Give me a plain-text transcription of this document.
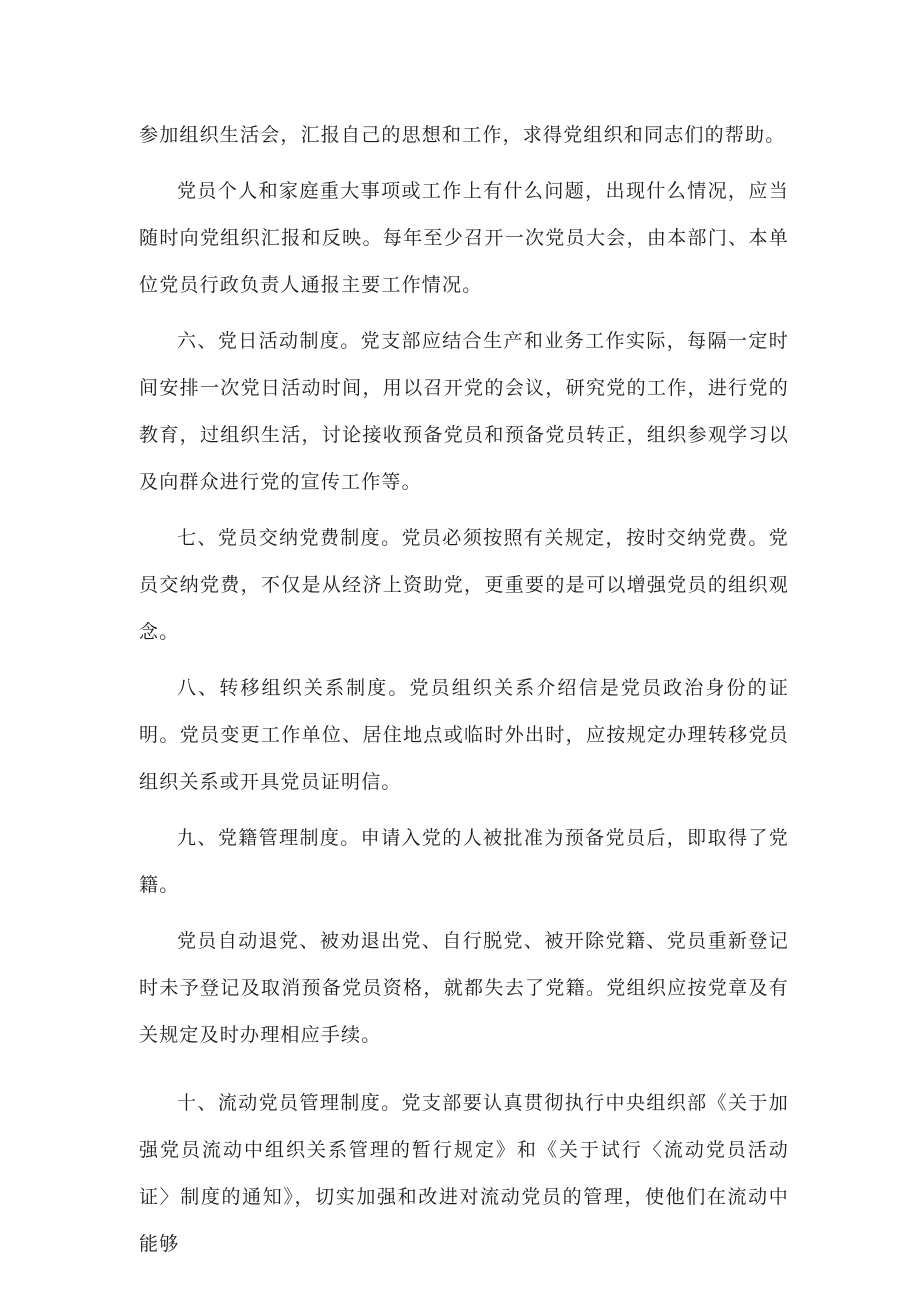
参加组织生活会，汇报自己的思想和工作，求得党组织和同志们的帮助。

党员个人和家庭重大事项或工作上有什么问题，出现什么情况，应当随时向党组织汇报和反映。每年至少召开一次党员大会，由本部门、本单位党员行政负责人通报主要工作情况。

六、党日活动制度。党支部应结合生产和业务工作实际，每隔一定时间安排一次党日活动时间，用以召开党的会议，研究党的工作，进行党的教育，过组织生活，讨论接收预备党员和预备党员转正，组织参观学习以及向群众进行党的宣传工作等。

七、党员交纳党费制度。党员必须按照有关规定，按时交纳党费。党员交纳党费，不仅是从经济上资助党，更重要的是可以增强党员的组织观念。

八、转移组织关系制度。党员组织关系介绍信是党员政治身份的证明。党员变更工作单位、居住地点或临时外出时，应按规定办理转移党员组织关系或开具党员证明信。

九、党籍管理制度。申请入党的人被批准为预备党员后，即取得了党籍。

党员自动退党、被劝退出党、自行脱党、被开除党籍、党员重新登记时未予登记及取消预备党员资格，就都失去了党籍。党组织应按党章及有关规定及时办理相应手续。

十、流动党员管理制度。党支部要认真贯彻执行中央组织部《关于加强党员流动中组织关系管理的暂行规定》和《关于试行〈流动党员活动证〉制度的通知》，切实加强和改进对流动党员的管理，使他们在流动中能够
